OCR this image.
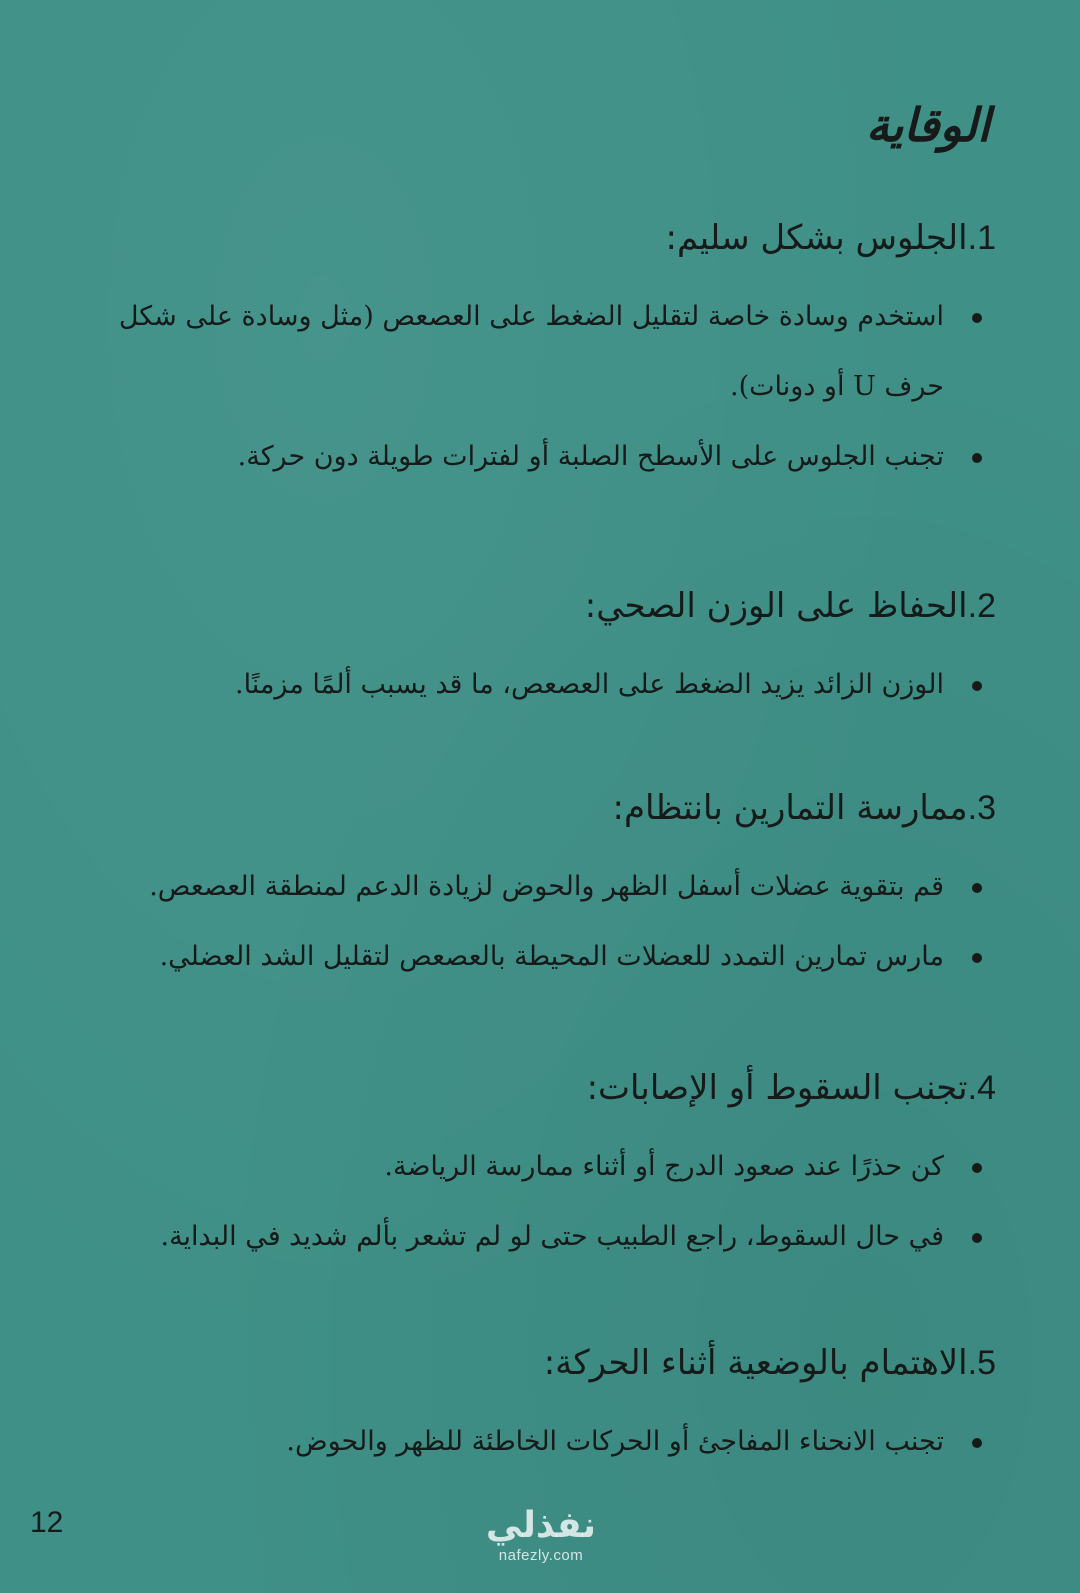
الوقاية
1.الجلوس بشكل سليم:
استخدم وسادة خاصة لتقليل الضغط على العصعص (مثل وسادة على شكل حرف U أو دونات).
تجنب الجلوس على الأسطح الصلبة أو لفترات طويلة دون حركة.
2.الحفاظ على الوزن الصحي:
الوزن الزائد يزيد الضغط على العصعص، ما قد يسبب ألمًا مزمنًا.
3.ممارسة التمارين بانتظام:
قم بتقوية عضلات أسفل الظهر والحوض لزيادة الدعم لمنطقة العصعص.
مارس تمارين التمدد للعضلات المحيطة بالعصعص لتقليل الشد العضلي.
4.تجنب السقوط أو الإصابات:
كن حذرًا عند صعود الدرج أو أثناء ممارسة الرياضة.
في حال السقوط، راجع الطبيب حتى لو لم تشعر بألم شديد في البداية.
5.الاهتمام بالوضعية أثناء الحركة:
تجنب الانحناء المفاجئ أو الحركات الخاطئة للظهر والحوض.
12	نفذلي
nafezly.com
